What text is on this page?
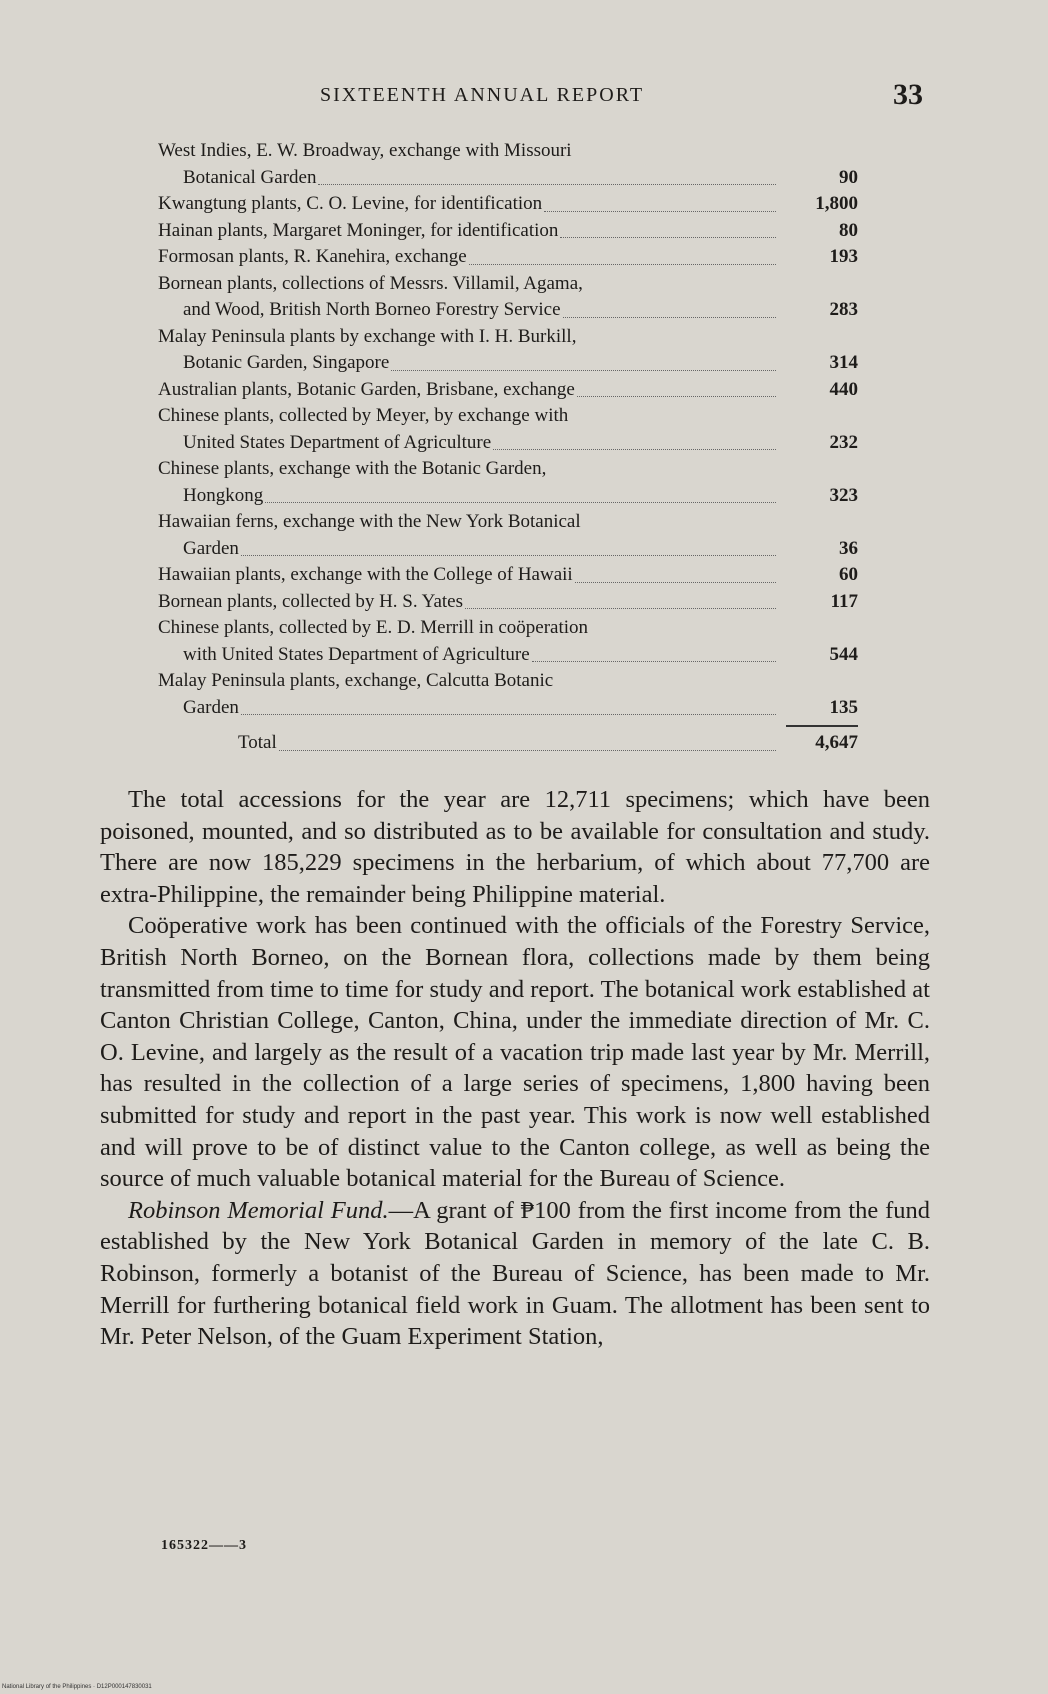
SIXTEENTH ANNUAL REPORT	33
West Indies, E. W. Broadway, exchange with Missouri
Botanical Garden	90
Kwangtung plants, C. O. Levine, for identification	1,800
Hainan plants, Margaret Moninger, for identification	80
Formosan plants, R. Kanehira, exchange	193
Bornean plants, collections of Messrs. Villamil, Agama,
and Wood, British North Borneo Forestry Service	283
Malay Peninsula plants by exchange with I. H. Burkill,
Botanic Garden, Singapore	314
Australian plants, Botanic Garden, Brisbane, exchange	440
Chinese plants, collected by Meyer, by exchange with
United States Department of Agriculture	232
Chinese plants, exchange with the Botanic Garden,
Hongkong	323
Hawaiian ferns, exchange with the New York Botanical
Garden	36
Hawaiian plants, exchange with the College of Hawaii	60
Bornean plants, collected by H. S. Yates	117
Chinese plants, collected by E. D. Merrill in coöperation
with United States Department of Agriculture	544
Malay Peninsula plants, exchange, Calcutta Botanic
Garden	135
Total	4,647

The total accessions for the year are 12,711 specimens; which have been poisoned, mounted, and so distributed as to be available for consultation and study. There are now 185,229 specimens in the herbarium, of which about 77,700 are extra-Philippine, the remainder being Philippine material.

Coöperative work has been continued with the officials of the Forestry Service, British North Borneo, on the Bornean flora, collections made by them being transmitted from time to time for study and report. The botanical work established at Canton Christian College, Canton, China, under the immediate direction of Mr. C. O. Levine, and largely as the result of a vacation trip made last year by Mr. Merrill, has resulted in the collection of a large series of specimens, 1,800 having been submitted for study and report in the past year. This work is now well established and will prove to be of distinct value to the Canton college, as well as being the source of much valuable botanical material for the Bureau of Science.

Robinson Memorial Fund.—A grant of ₱100 from the first income from the fund established by the New York Botanical Garden in memory of the late C. B. Robinson, formerly a botanist of the Bureau of Science, has been made to Mr. Merrill for furthering botanical field work in Guam. The allotment has been sent to Mr. Peter Nelson, of the Guam Experiment Station,

165322——3
National Library of the Philippines · D12P000147830031
